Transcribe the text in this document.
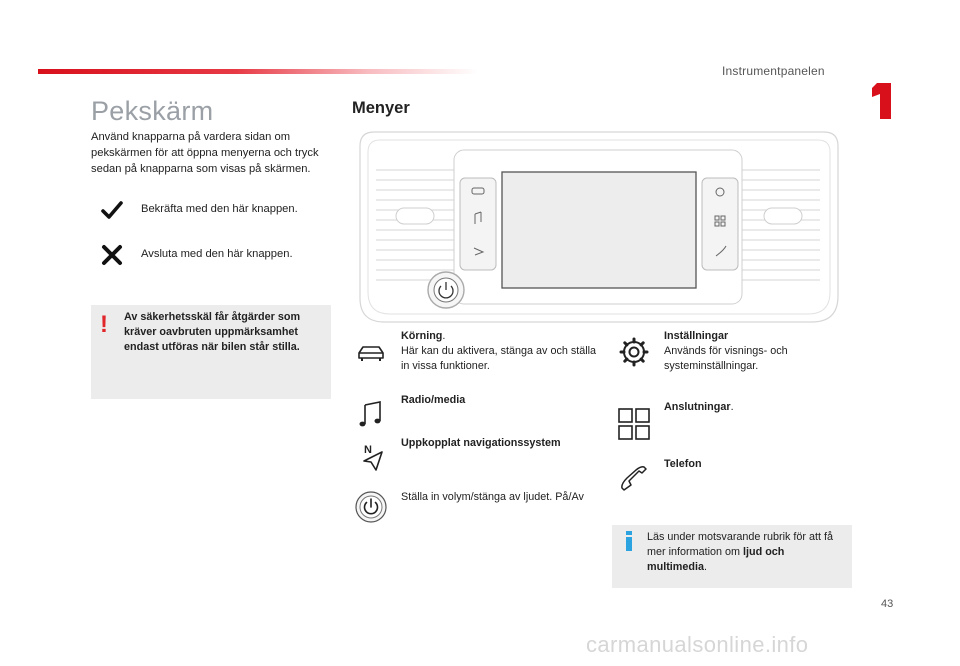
Instrumentpanelen
Pekskärm
Använd knapparna på vardera sidan om pekskärmen för att öppna menyerna och tryck sedan på knapparna som visas på skärmen.
Bekräfta med den här knappen.
Avsluta med den här knappen.
! Av säkerhetsskäl får åtgärder som kräver oavbruten uppmärksamhet endast utföras när bilen står stilla.
Menyer
Körning.
Här kan du aktivera, stänga av och ställa in vissa funktioner.
Radio/media
N
Uppkopplat navigationssystem
Ställa in volym/stänga av ljudet. På/Av
Inställningar
Används för visnings- och systeminställningar.
Anslutningar.
Telefon
Läs under motsvarande rubrik för att få mer information om ljud och multimedia.
43
carmanualsonline.info
